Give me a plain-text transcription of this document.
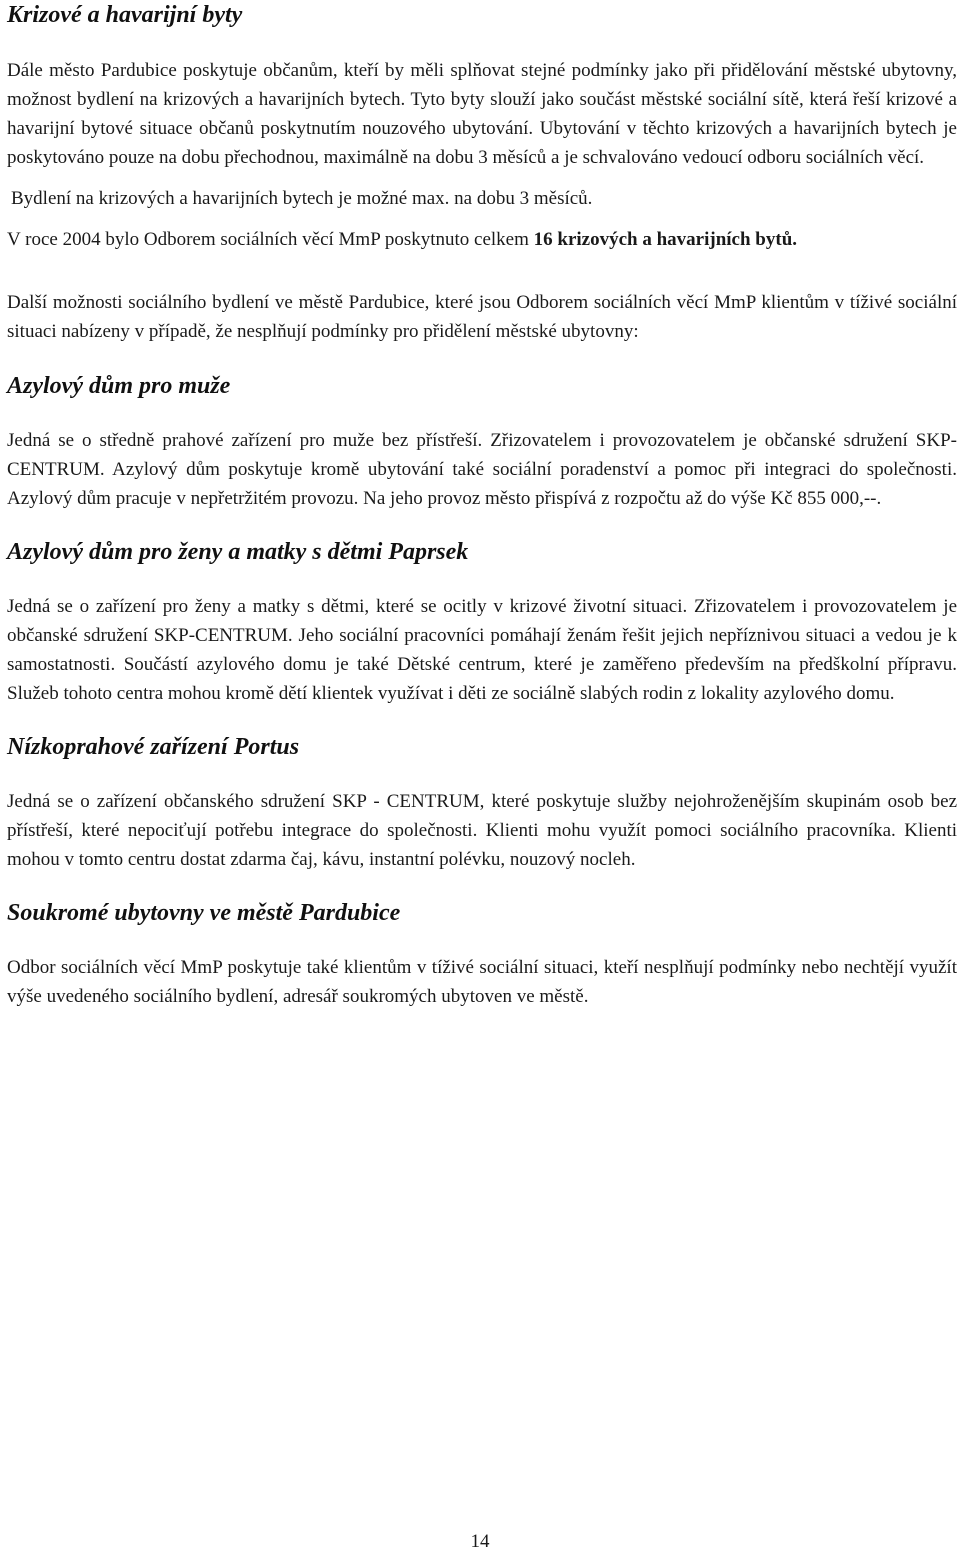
Krizové a havarijní byty

Dále město Pardubice poskytuje občanům, kteří by měli splňovat stejné podmínky jako při přidělování městské ubytovny, možnost bydlení na krizových a havarijních bytech. Tyto byty slouží jako součást městské sociální sítě, která řeší krizové a havarijní bytové situace občanů poskytnutím nouzového ubytování. Ubytování v těchto krizových a havarijních bytech je poskytováno pouze na dobu přechodnou, maximálně na dobu 3 měsíců a je schvalováno vedoucí odboru sociálních věcí.

Bydlení na krizových a havarijních bytech je možné max. na dobu 3 měsíců.

V roce 2004 bylo Odborem sociálních věcí MmP poskytnuto celkem 16 krizových a havarijních bytů.

Další možnosti sociálního bydlení ve městě Pardubice, které jsou Odborem sociálních věcí MmP klientům v tíživé sociální situaci nabízeny v případě, že nesplňují podmínky pro přidělení městské ubytovny:

Azylový dům pro muže

Jedná se o středně prahové zařízení pro muže bez přístřeší. Zřizovatelem i provozovatelem je občanské sdružení SKP-CENTRUM. Azylový dům poskytuje kromě ubytování také sociální poradenství a pomoc při integraci do společnosti. Azylový dům pracuje v nepřetržitém provozu. Na jeho provoz město přispívá z rozpočtu až do výše Kč 855 000,--.

Azylový dům pro ženy a matky s dětmi Paprsek

Jedná se o zařízení pro ženy a matky s dětmi, které se ocitly v krizové životní situaci. Zřizovatelem i provozovatelem je občanské sdružení SKP-CENTRUM. Jeho sociální pracovníci pomáhají ženám řešit jejich nepříznivou situaci a vedou je k samostatnosti. Součástí azylového domu je také Dětské centrum, které je zaměřeno především na předškolní přípravu. Služeb tohoto centra mohou kromě dětí klientek využívat i děti ze sociálně slabých rodin z lokality azylového domu.

Nízkoprahové zařízení Portus

Jedná se o zařízení občanského sdružení SKP - CENTRUM, které poskytuje služby nejohroženějším skupinám osob bez přístřeší, které nepociťují potřebu integrace do společnosti. Klienti mohu využít pomoci sociálního pracovníka. Klienti mohou v tomto centru dostat zdarma čaj, kávu, instantní polévku, nouzový nocleh.

Soukromé ubytovny ve městě Pardubice

Odbor sociálních věcí MmP poskytuje také klientům v tíživé sociální situaci, kteří nesplňují podmínky nebo nechtějí využít výše uvedeného sociálního bydlení, adresář soukromých ubytoven ve městě.

14
